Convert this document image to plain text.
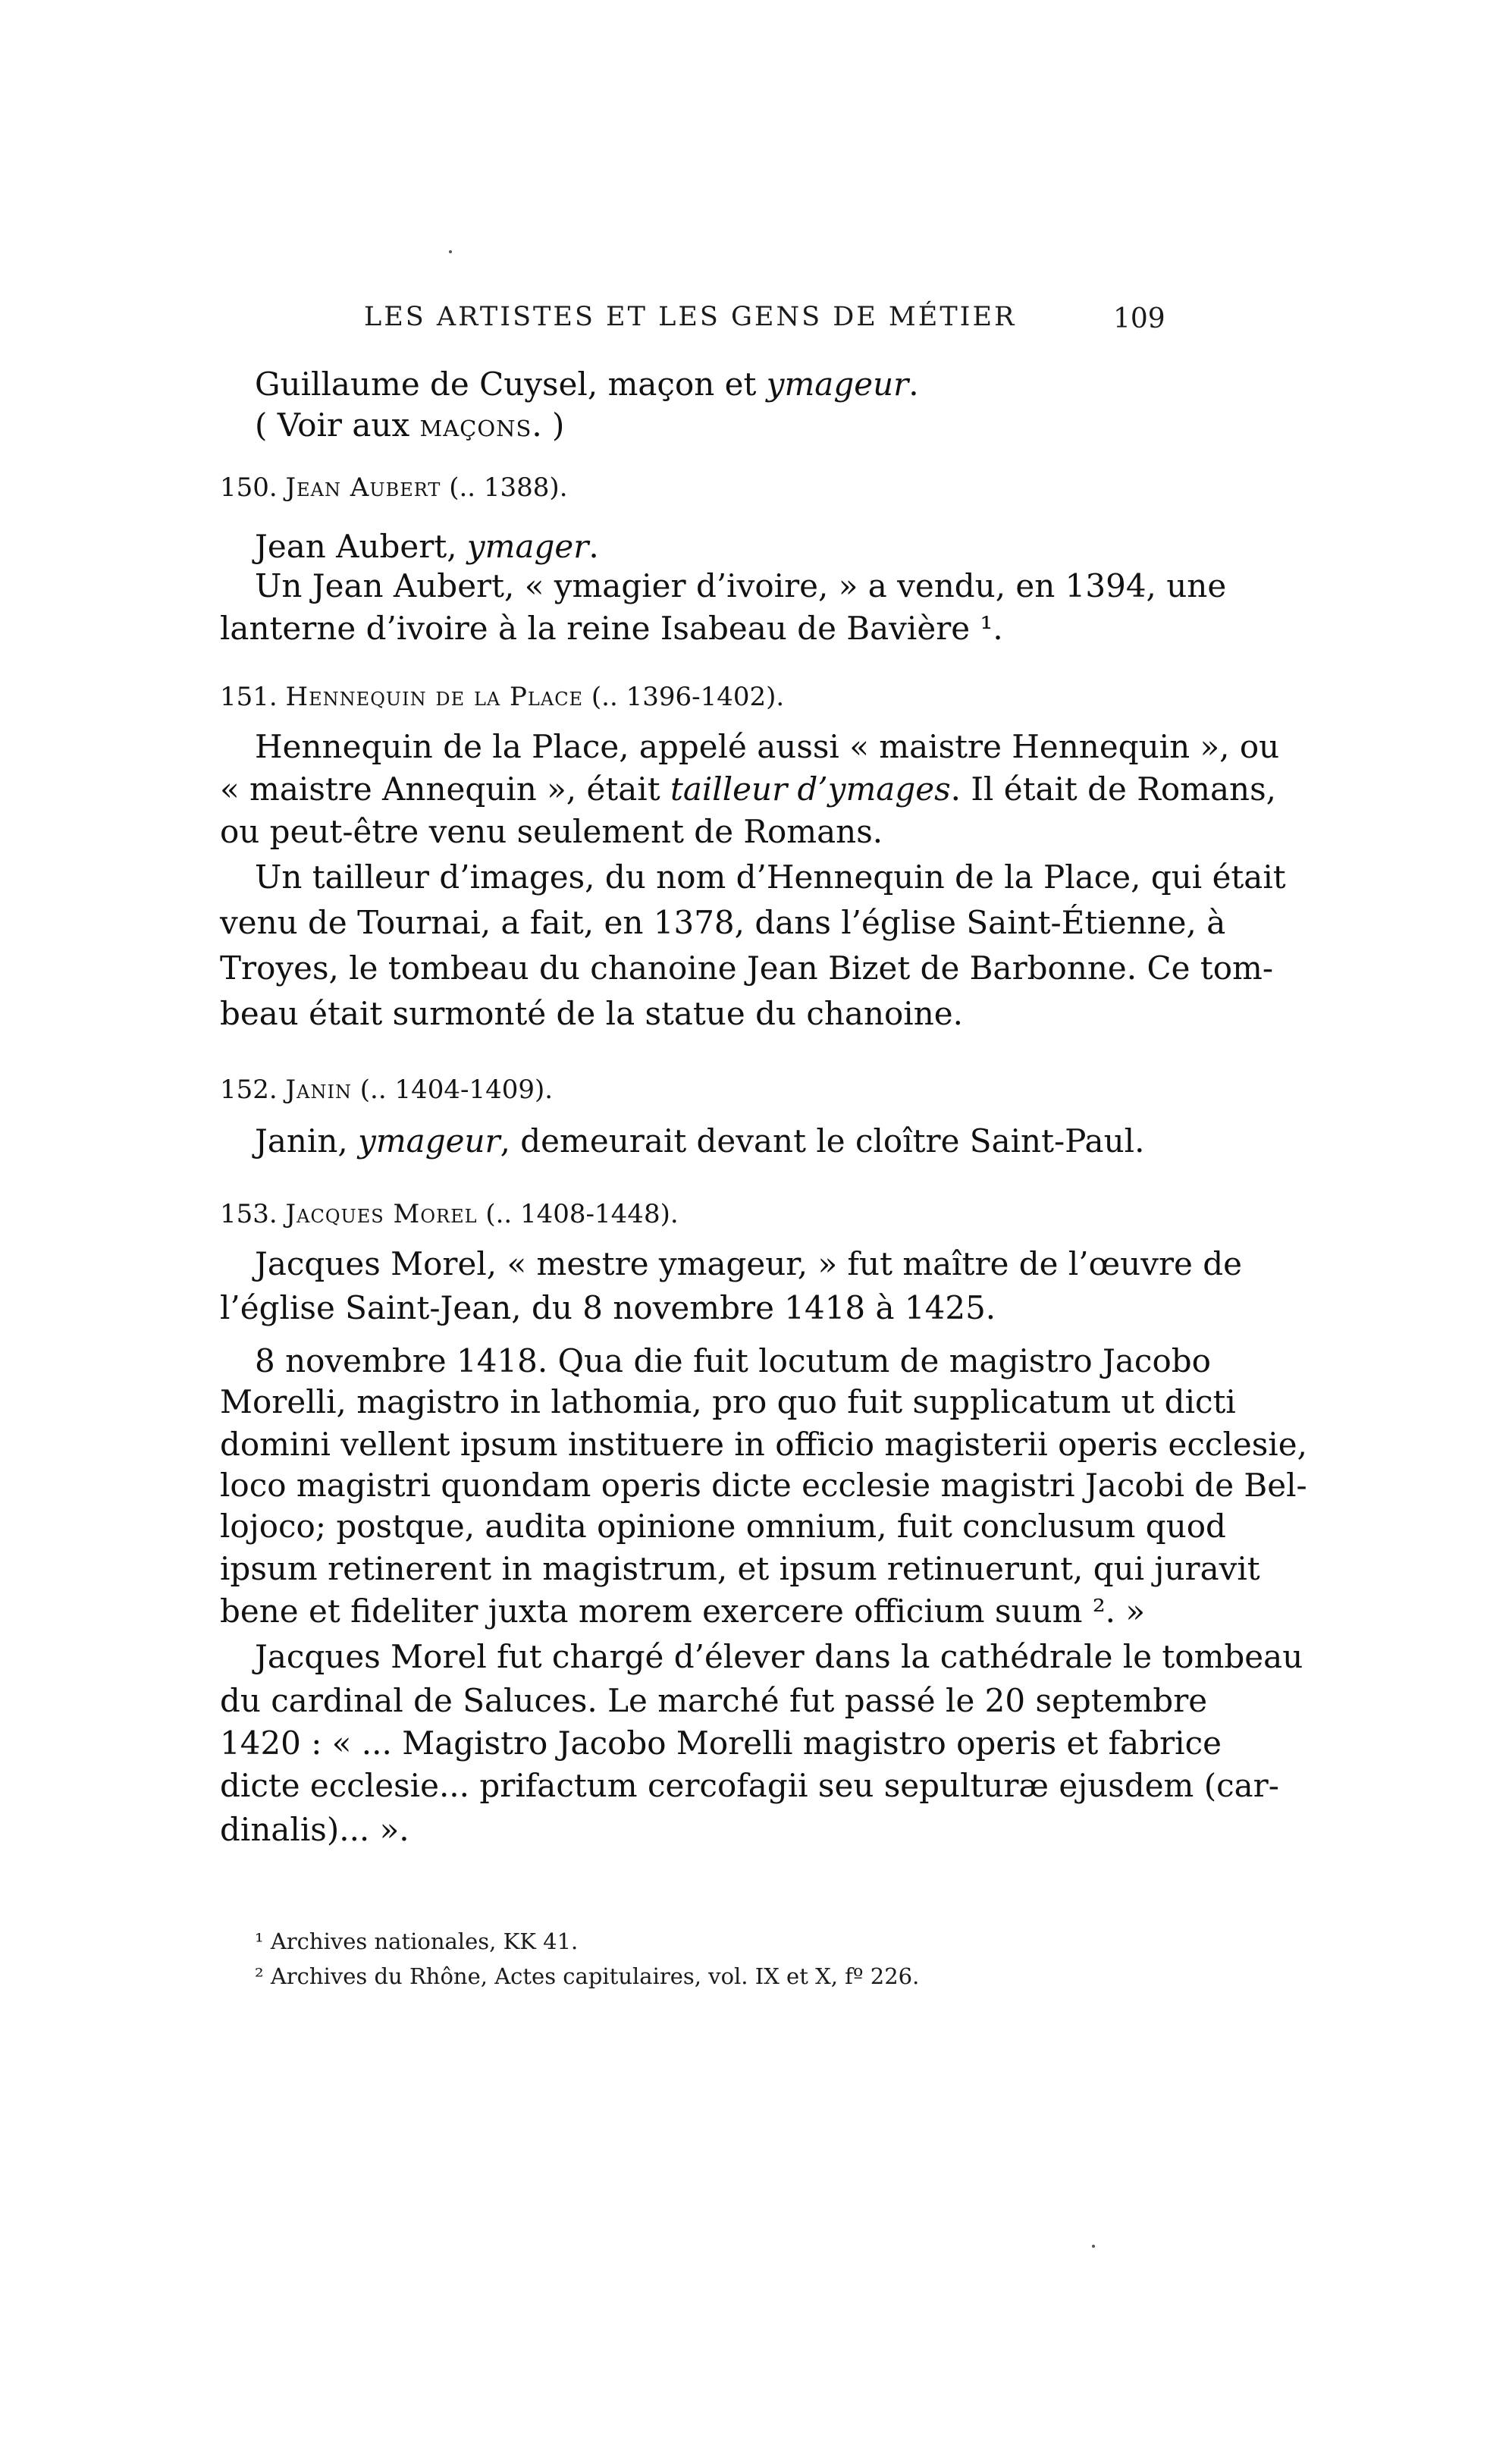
LES ARTISTES ET LES GENS DE MÉTIER	109
Guillaume de Cuysel, maçon et ymageur.
( Voir aux maçons. )
150. Jean Aubert (.. 1388).
Jean Aubert, ymager.
Un Jean Aubert, « ymagier d’ivoire, » a vendu, en 1394, une
lanterne d’ivoire à la reine Isabeau de Bavière ¹.
151. Hennequin de la Place (.. 1396-1402).
Hennequin de la Place, appelé aussi « maistre Hennequin », ou
« maistre Annequin », était tailleur d’ymages. Il était de Romans,
ou peut-être venu seulement de Romans.
Un tailleur d’images, du nom d’Hennequin de la Place, qui était
venu de Tournai, a fait, en 1378, dans l’église Saint-Étienne, à
Troyes, le tombeau du chanoine Jean Bizet de Barbonne. Ce tom-
beau était surmonté de la statue du chanoine.
152. Janin (.. 1404-1409).
Janin, ymageur, demeurait devant le cloître Saint-Paul.
153. Jacques Morel (.. 1408-1448).
Jacques Morel, « mestre ymageur, » fut maître de l’œuvre de
l’église Saint-Jean, du 8 novembre 1418 à 1425.
8 novembre 1418. Qua die fuit locutum de magistro Jacobo
Morelli, magistro in lathomia, pro quo fuit supplicatum ut dicti
domini vellent ipsum instituere in officio magisterii operis ecclesie,
loco magistri quondam operis dicte ecclesie magistri Jacobi de Bel-
lojoco; postque, audita opinione omnium, fuit conclusum quod
ipsum retinerent in magistrum, et ipsum retinuerunt, qui juravit
bene et fideliter juxta morem exercere officium suum ². »
Jacques Morel fut chargé d’élever dans la cathédrale le tombeau
du cardinal de Saluces. Le marché fut passé le 20 septembre
1420 : « ... Magistro Jacobo Morelli magistro operis et fabrice
dicte ecclesie... prifactum cercofagii seu sepulturæ ejusdem (car-
dinalis)... ».
¹ Archives nationales, KK 41.
² Archives du Rhône, Actes capitulaires, vol. IX et X, fº 226.
